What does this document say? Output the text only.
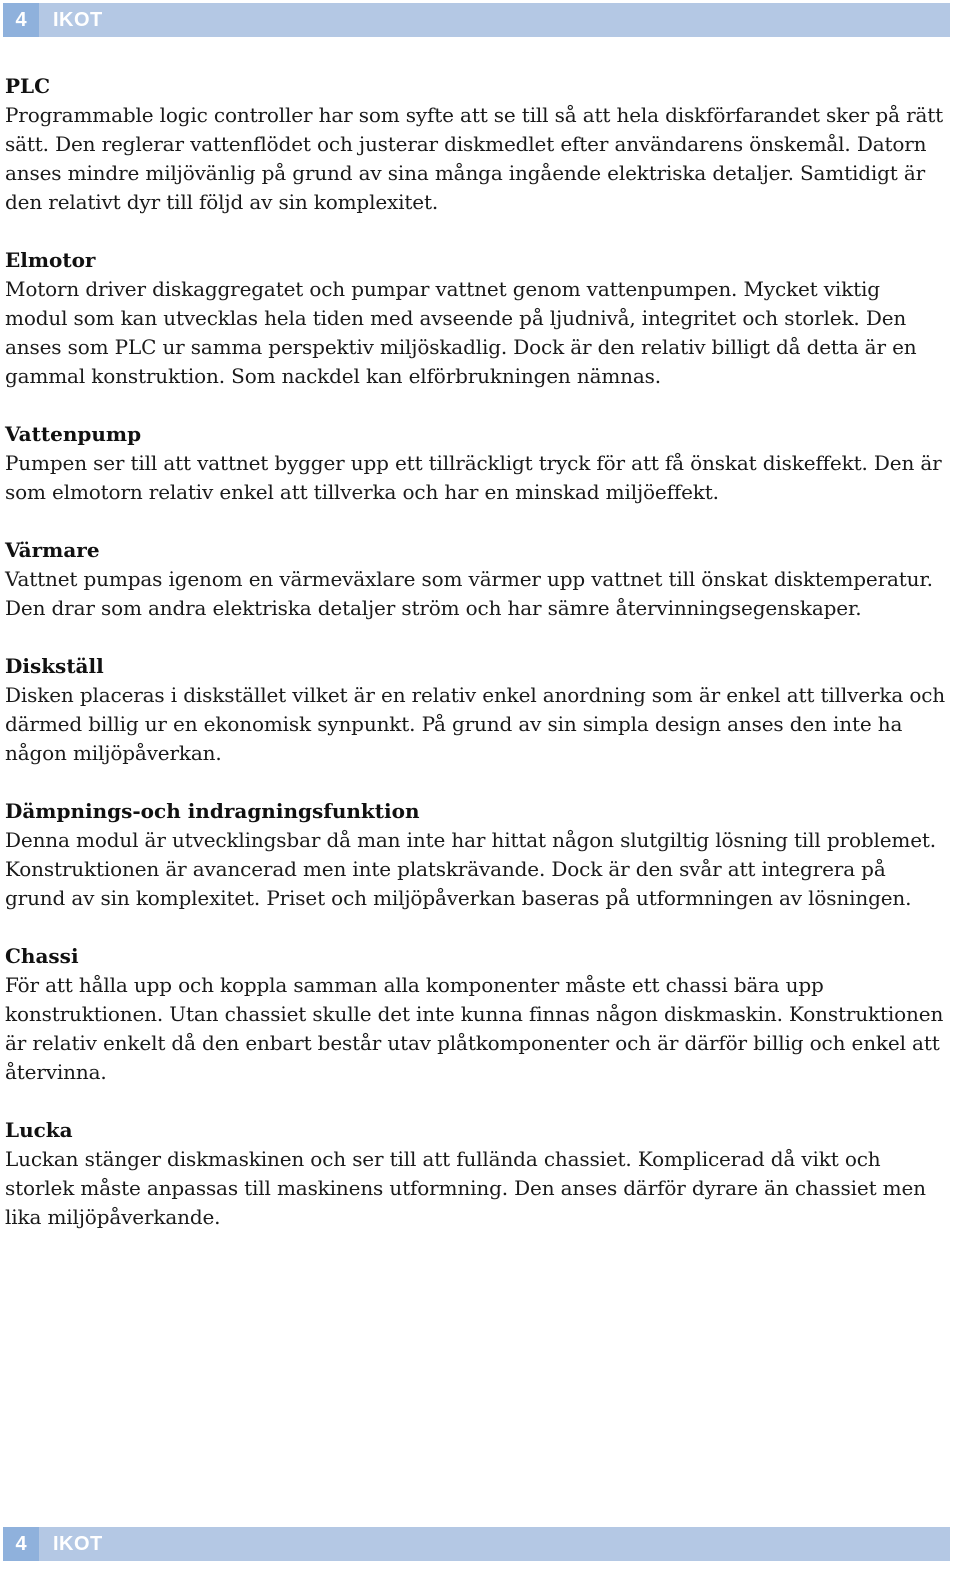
4	IKOT
PLC

Programmable logic controller har som syfte att se till så att hela diskförfarandet sker på rätt sätt. Den reglerar vattenflödet och justerar diskmedlet efter användarens önskemål. Datorn anses mindre miljövänlig på grund av sina många ingående elektriska detaljer. Samtidigt är den relativt dyr till följd av sin komplexitet.

Elmotor

Motorn driver diskaggregatet och pumpar vattnet genom vattenpumpen. Mycket viktig modul som kan utvecklas hela tiden med avseende på ljudnivå, integritet och storlek. Den anses som PLC ur samma perspektiv miljöskadlig. Dock är den relativ billigt då detta är en gammal konstruktion. Som nackdel kan elförbrukningen nämnas.

Vattenpump

Pumpen ser till att vattnet bygger upp ett tillräckligt tryck för att få önskat diskeffekt. Den är som elmotorn relativ enkel att tillverka och har en minskad miljöeffekt.

Värmare

Vattnet pumpas igenom en värmeväxlare som värmer upp vattnet till önskat disktemperatur. Den drar som andra elektriska detaljer ström och har sämre återvinningsegenskaper.

Diskställ

Disken placeras i diskstället vilket är en relativ enkel anordning som är enkel att tillverka och därmed billig ur en ekonomisk synpunkt. På grund av sin simpla design anses den inte ha någon miljöpåverkan.

Dämpnings-och indragningsfunktion

Denna modul är utvecklingsbar då man inte har hittat någon slutgiltig lösning till problemet. Konstruktionen är avancerad men inte platskrävande. Dock är den svår att integrera på grund av sin komplexitet. Priset och miljöpåverkan baseras på utformningen av lösningen.

Chassi

För att hålla upp och koppla samman alla komponenter måste ett chassi bära upp konstruktionen. Utan chassiet skulle det inte kunna finnas någon diskmaskin. Konstruktionen är relativ enkelt då den enbart består utav plåtkomponenter och är därför billig och enkel att återvinna.

Lucka

Luckan stänger diskmaskinen och ser till att fullända chassiet. Komplicerad då vikt och storlek måste anpassas till maskinens utformning. Den anses därför dyrare än chassiet men lika miljöpåverkande.

4	IKOT
